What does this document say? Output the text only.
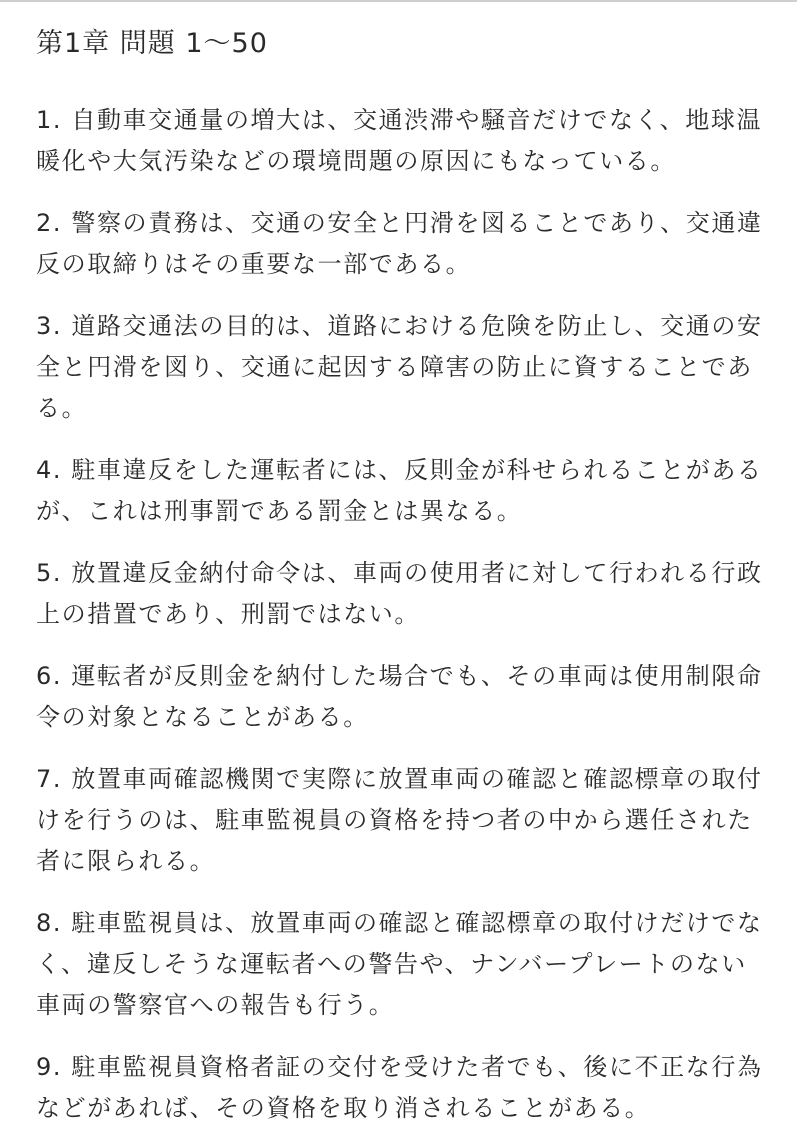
第1章 問題 1〜50
1. 自動車交通量の増大は、交通渋滞や騒音だけでなく、地球温暖化や大気汚染などの環境問題の原因にもなっている。
2. 警察の責務は、交通の安全と円滑を図ることであり、交通違反の取締りはその重要な一部である。
3. 道路交通法の目的は、道路における危険を防止し、交通の安全と円滑を図り、交通に起因する障害の防止に資することである。
4. 駐車違反をした運転者には、反則金が科せられることがあるが、これは刑事罰である罰金とは異なる。
5. 放置違反金納付命令は、車両の使用者に対して行われる行政上の措置であり、刑罰ではない。
6. 運転者が反則金を納付した場合でも、その車両は使用制限命令の対象となることがある。
7. 放置車両確認機関で実際に放置車両の確認と確認標章の取付けを行うのは、駐車監視員の資格を持つ者の中から選任された者に限られる。
8. 駐車監視員は、放置車両の確認と確認標章の取付けだけでなく、違反しそうな運転者への警告や、ナンバープレートのない車両の警察官への報告も行う。
9. 駐車監視員資格者証の交付を受けた者でも、後に不正な行為などがあれば、その資格を取り消されることがある。
